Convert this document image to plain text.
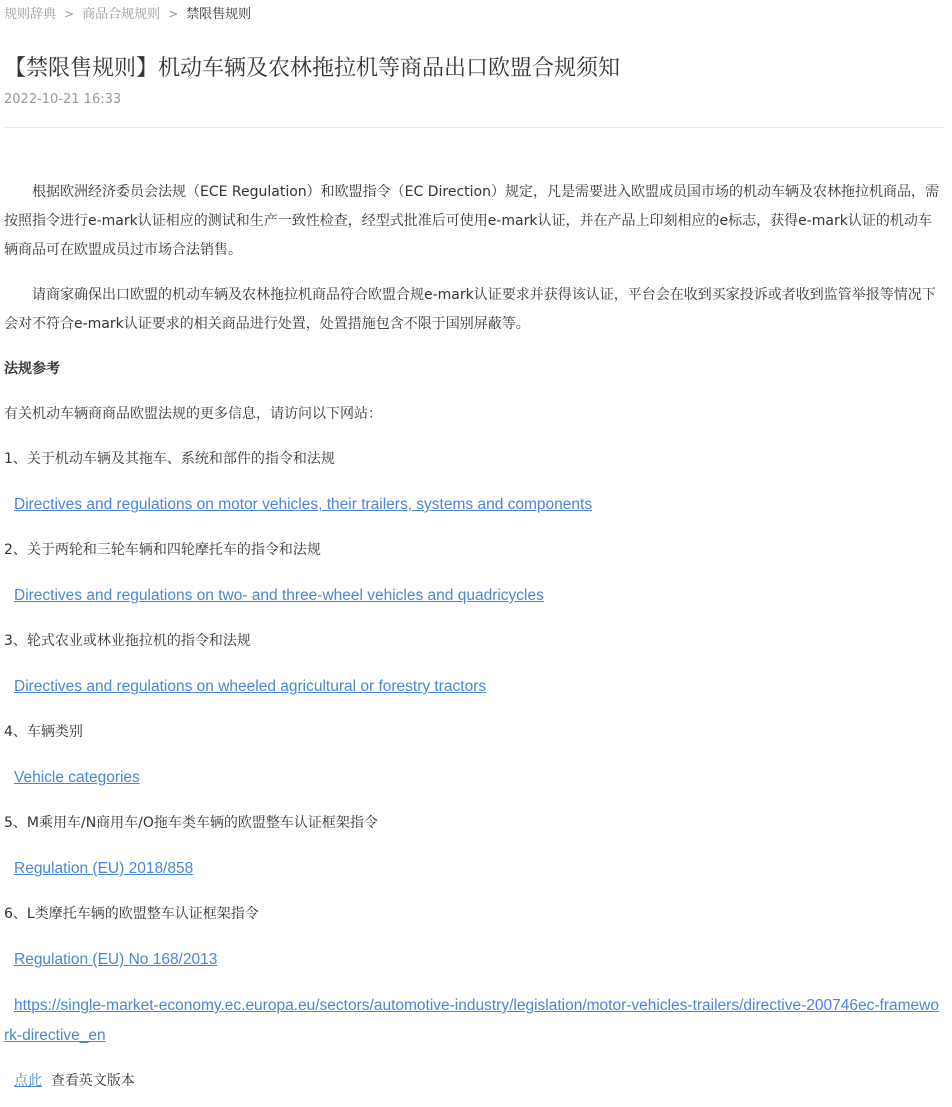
规则辞典 > 商品合规规则 > 禁限售规则
【禁限售规则】机动车辆及农林拖拉机等商品出口欧盟合规须知
2022-10-21 16:33

根据欧洲经济委员会法规（ECE Regulation）和欧盟指令（EC Direction）规定，凡是需要进入欧盟成员国市场的机动车辆及农林拖拉机商品，需按照指令进行e-mark认证相应的测试和生产一致性检查，经型式批准后可使用e-mark认证，并在产品上印刻相应的e标志，获得e-mark认证的机动车辆商品可在欧盟成员过市场合法销售。

请商家确保出口欧盟的机动车辆及农林拖拉机商品符合欧盟合规e-mark认证要求并获得该认证，平台会在收到买家投诉或者收到监管举报等情况下会对不符合e-mark认证要求的相关商品进行处置，处置措施包含不限于国别屏蔽等。

法规参考

有关机动车辆商商品欧盟法规的更多信息，请访问以下网站：

1、关于机动车辆及其拖车、系统和部件的指令和法规

Directives and regulations on motor vehicles, their trailers, systems and components

2、关于两轮和三轮车辆和四轮摩托车的指令和法规

Directives and regulations on two- and three-wheel vehicles and quadricycles

3、轮式农业或林业拖拉机的指令和法规

Directives and regulations on wheeled agricultural or forestry tractors

4、车辆类别

Vehicle categories

5、M乘用车/N商用车/O拖车类车辆的欧盟整车认证框架指令

Regulation (EU) 2018/858

6、L类摩托车辆的欧盟整车认证框架指令

Regulation (EU) No 168/2013

https://single-market-economy.ec.europa.eu/sectors/automotive-industry/legislation/motor-vehicles-trailers/directive-200746ec-framework-directive_en

点此 查看英文版本
